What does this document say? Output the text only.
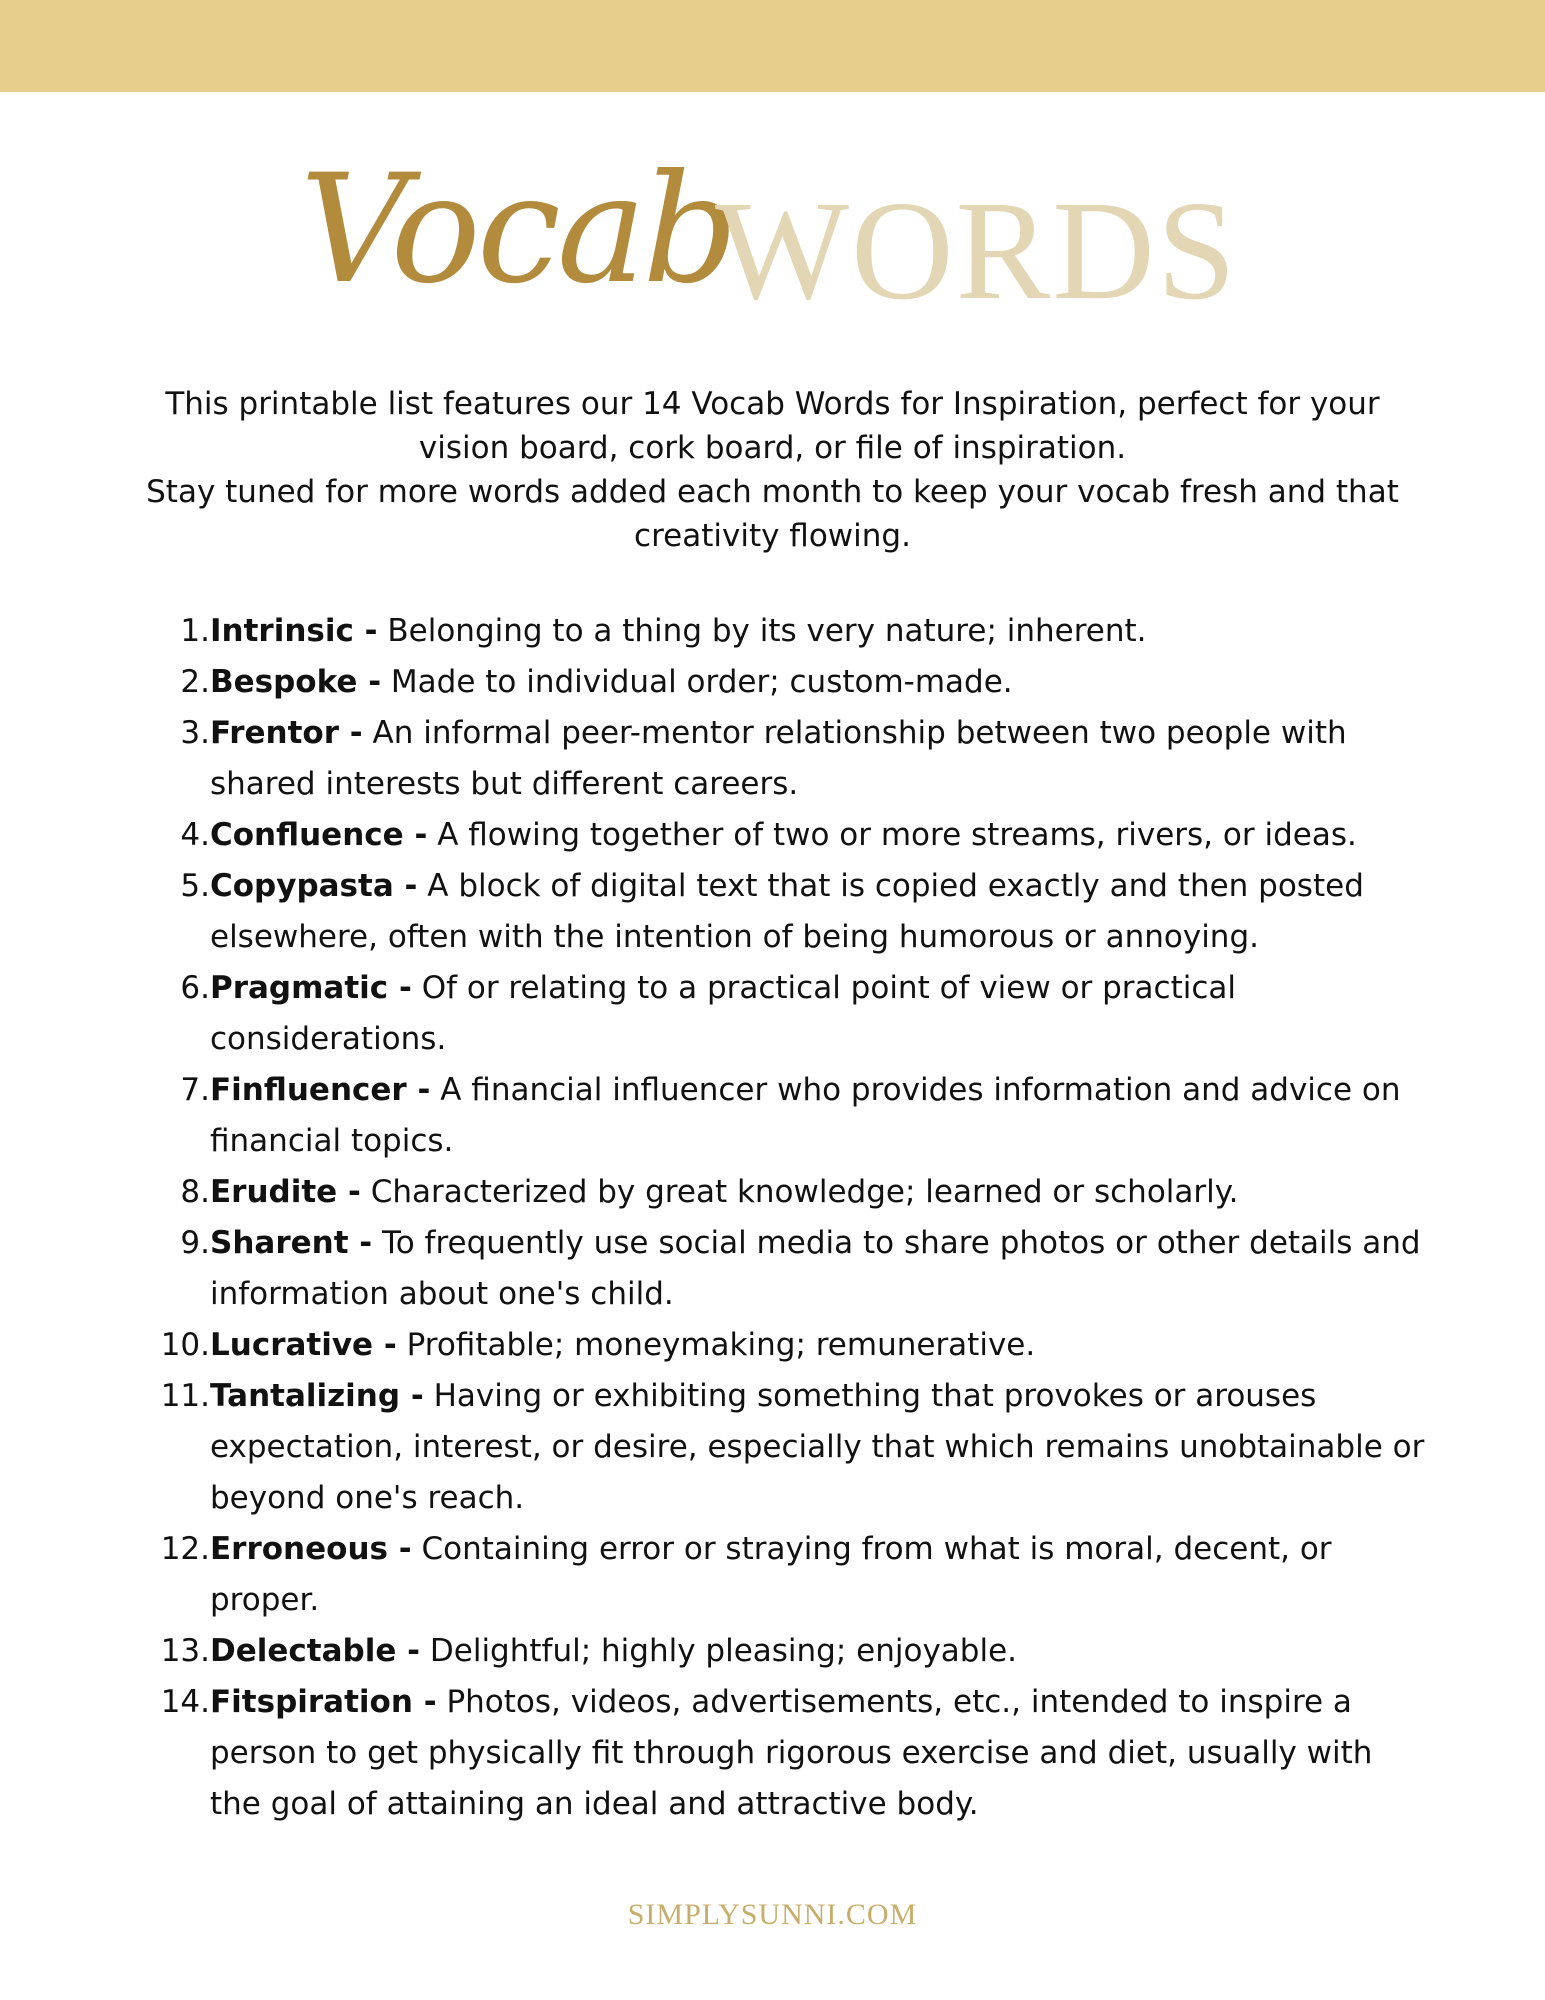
Vocab
WORDS

This printable list features our 14 Vocab Words for Inspiration, perfect for your vision board, cork board, or file of inspiration.

Stay tuned for more words added each month to keep your vocab fresh and that creativity flowing.

1. Intrinsic - Belonging to a thing by its very nature; inherent.
2. Bespoke - Made to individual order; custom-made.
3. Frentor - An informal peer-mentor relationship between two people with shared interests but different careers.
4. Confluence - A flowing together of two or more streams, rivers, or ideas.
5. Copypasta - A block of digital text that is copied exactly and then posted elsewhere, often with the intention of being humorous or annoying.
6. Pragmatic - Of or relating to a practical point of view or practical considerations.
7. Finfluencer - A financial influencer who provides information and advice on financial topics.
8. Erudite - Characterized by great knowledge; learned or scholarly.
9. Sharent - To frequently use social media to share photos or other details and information about one's child.
10. Lucrative - Profitable; moneymaking; remunerative.
11. Tantalizing - Having or exhibiting something that provokes or arouses expectation, interest, or desire, especially that which remains unobtainable or beyond one's reach.
12. Erroneous - Containing error or straying from what is moral, decent, or proper.
13. Delectable - Delightful; highly pleasing; enjoyable.
14. Fitspiration - Photos, videos, advertisements, etc., intended to inspire a person to get physically fit through rigorous exercise and diet, usually with the goal of attaining an ideal and attractive body.
SIMPLYSUNNI.COM
